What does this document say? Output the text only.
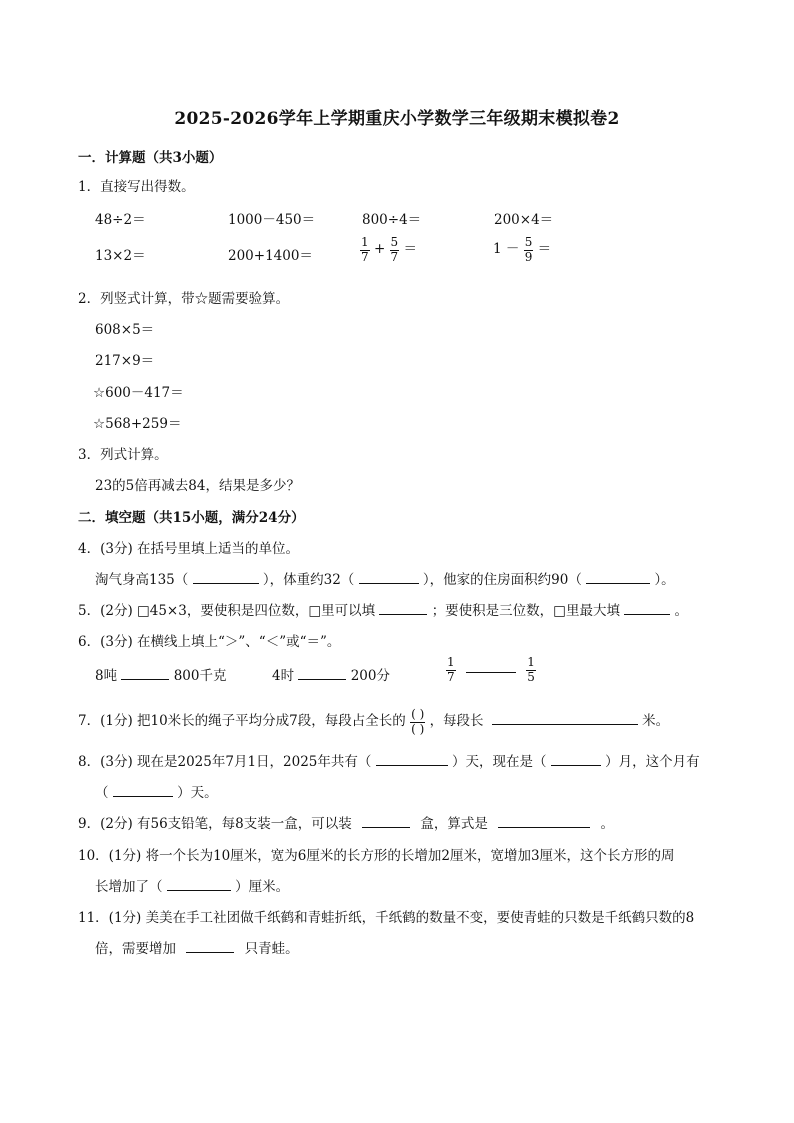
2025-2026学年上学期重庆小学数学三年级期末模拟卷2
一．计算题（共3小题）
1．直接写出得数。
48÷2＝	1000－450＝	800÷4＝	200×4＝
13×2＝	200+1400＝	$\frac{1}{7} + \frac{5}{7}$ ＝	$1 - \frac{5}{9}$ ＝
2．列竖式计算，带☆题需要验算。
608×5＝
217×9＝
☆600－417＝
☆568+259＝
3．列式计算。
23的5倍再减去84，结果是多少？
二．填空题（共15小题，满分24分）
4．(3分) 在括号里填上适当的单位。
淘气身高135（	），体重约32（	），他家的住房面积约90（	）。
5．(2分) □45×3，要使积是四位数，□里可以填	；要使积是三位数，□里最大填	。
6．(3分) 在横线上填上“＞”、“＜”或“＝”。
8吨	800千克	4时	200分	$\frac{1}{7}$
	$\frac{1}{5}$
7．(1分) 把10米长的绳子平均分成7段，每段占全长的 $\frac{( )}{( )}$ ，每段长	米。
8．(3分) 现在是2025年7月1日，2025年共有（	）天，现在是（	）月，这个月有
（	）天。
9．(2分) 有56支铅笔，每8支装一盒，可以装	盒，算式是	。
10．(1分) 将一个长为10厘米，宽为6厘米的长方形的长增加2厘米，宽增加3厘米，这个长方形的周
长增加了（	）厘米。
11．(1分) 美美在手工社团做千纸鹤和青蛙折纸，千纸鹤的数量不变，要使青蛙的只数是千纸鹤只数的8
倍，需要增加	只青蛙。
